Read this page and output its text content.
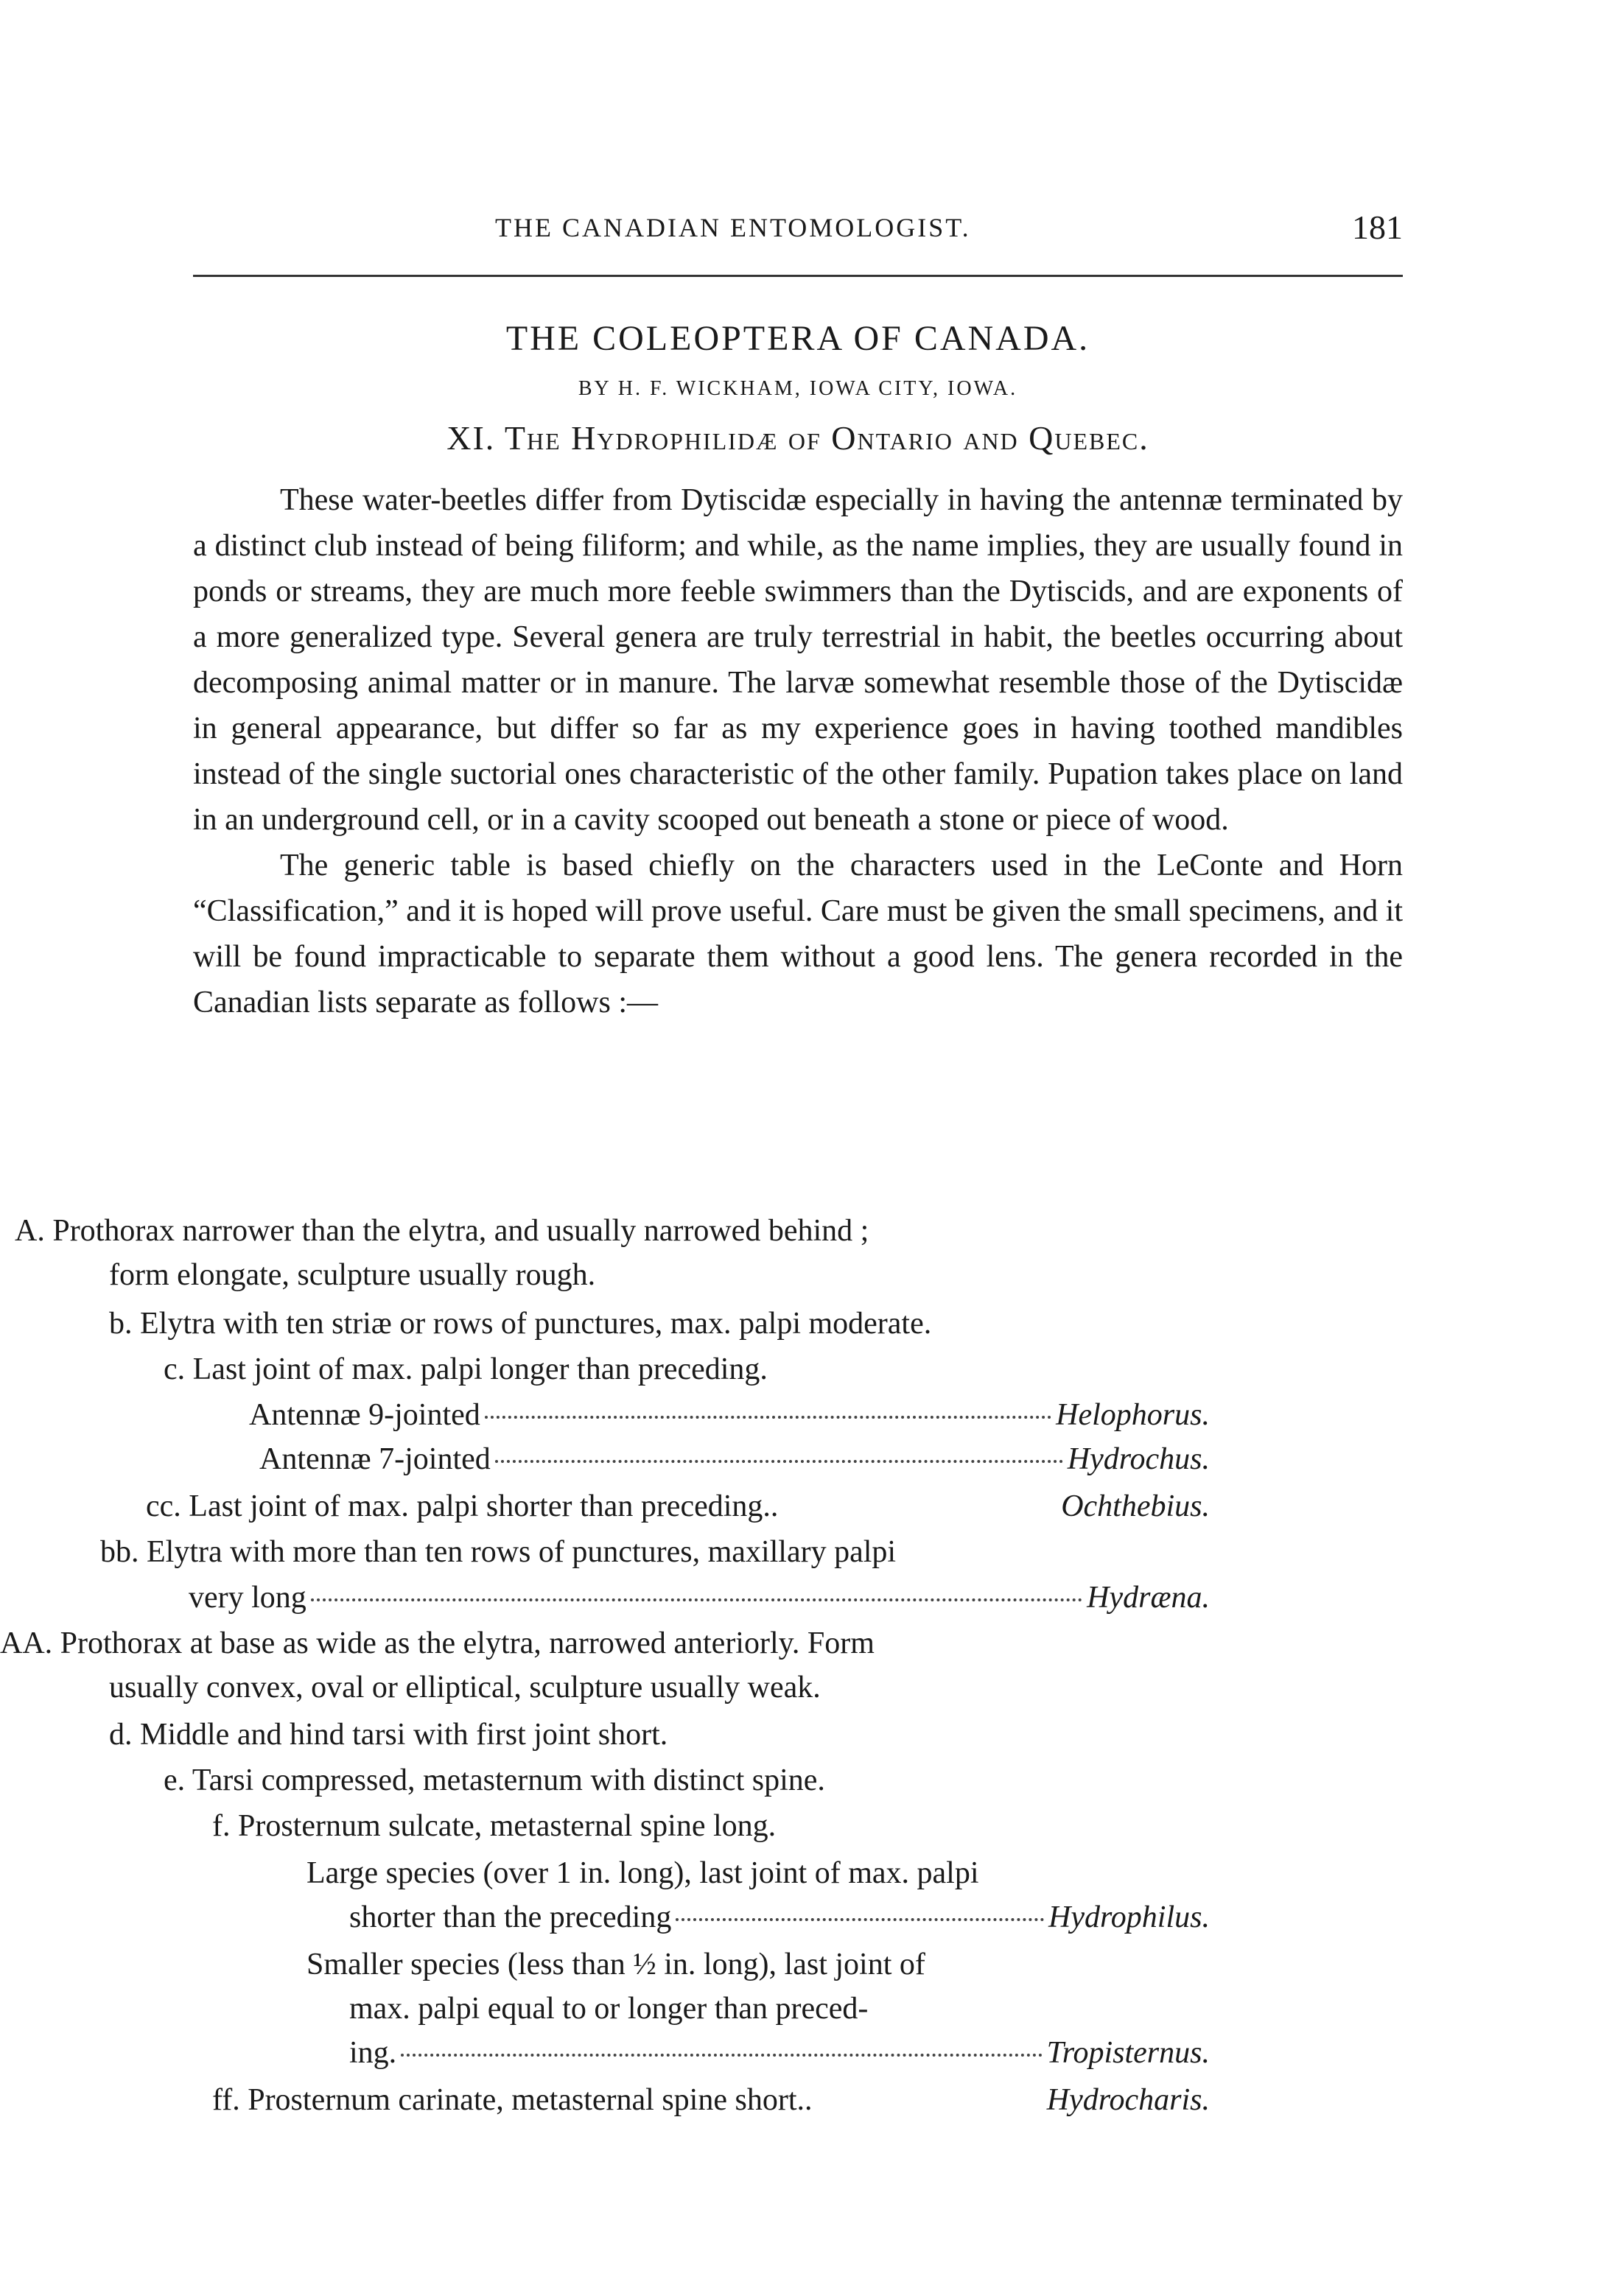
THE CANADIAN ENTOMOLOGIST.	181
THE COLEOPTERA OF CANADA.
BY H. F. WICKHAM, IOWA CITY, IOWA.
XI. The Hydrophilidæ of Ontario and Quebec.

These water-beetles differ from Dytiscidæ especially in having the antennæ terminated by a distinct club instead of being filiform; and while, as the name implies, they are usually found in ponds or streams, they are much more feeble swimmers than the Dytiscids, and are exponents of a more generalized type. Several genera are truly terrestrial in habit, the beetles occurring about decomposing animal matter or in manure. The larvæ somewhat resemble those of the Dytiscidæ in general appearance, but differ so far as my experience goes in having toothed mandibles instead of the single suctorial ones characteristic of the other family. Pupation takes place on land in an underground cell, or in a cavity scooped out beneath a stone or piece of wood.

The generic table is based chiefly on the characters used in the LeConte and Horn “Classification,” and it is hoped will prove useful. Care must be given the small specimens, and it will be found impracticable to separate them without a good lens. The genera recorded in the Canadian lists separate as follows :—

A. Prothorax narrower than the elytra, and usually narrowed behind ;
form elongate, sculpture usually rough.
b. Elytra with ten striæ or rows of punctures, max. palpi moderate.
c. Last joint of max. palpi longer than preceding.
Antennæ 9-jointed	Helophorus.
Antennæ 7-jointed	Hydrochus.
cc. Last joint of max. palpi shorter than preceding..	Ochthebius.
bb. Elytra with more than ten rows of punctures, maxillary palpi
very long	Hydræna.
AA. Prothorax at base as wide as the elytra, narrowed anteriorly. Form
usually convex, oval or elliptical, sculpture usually weak.
d. Middle and hind tarsi with first joint short.
e. Tarsi compressed, metasternum with distinct spine.
f. Prosternum sulcate, metasternal spine long.
Large species (over 1 in. long), last joint of max. palpi
shorter than the preceding	Hydrophilus.
Smaller species (less than ½ in. long), last joint of
max. palpi equal to or longer than preced-
ing.	Tropisternus.
ff. Prosternum carinate, metasternal spine short..	Hydrocharis.
